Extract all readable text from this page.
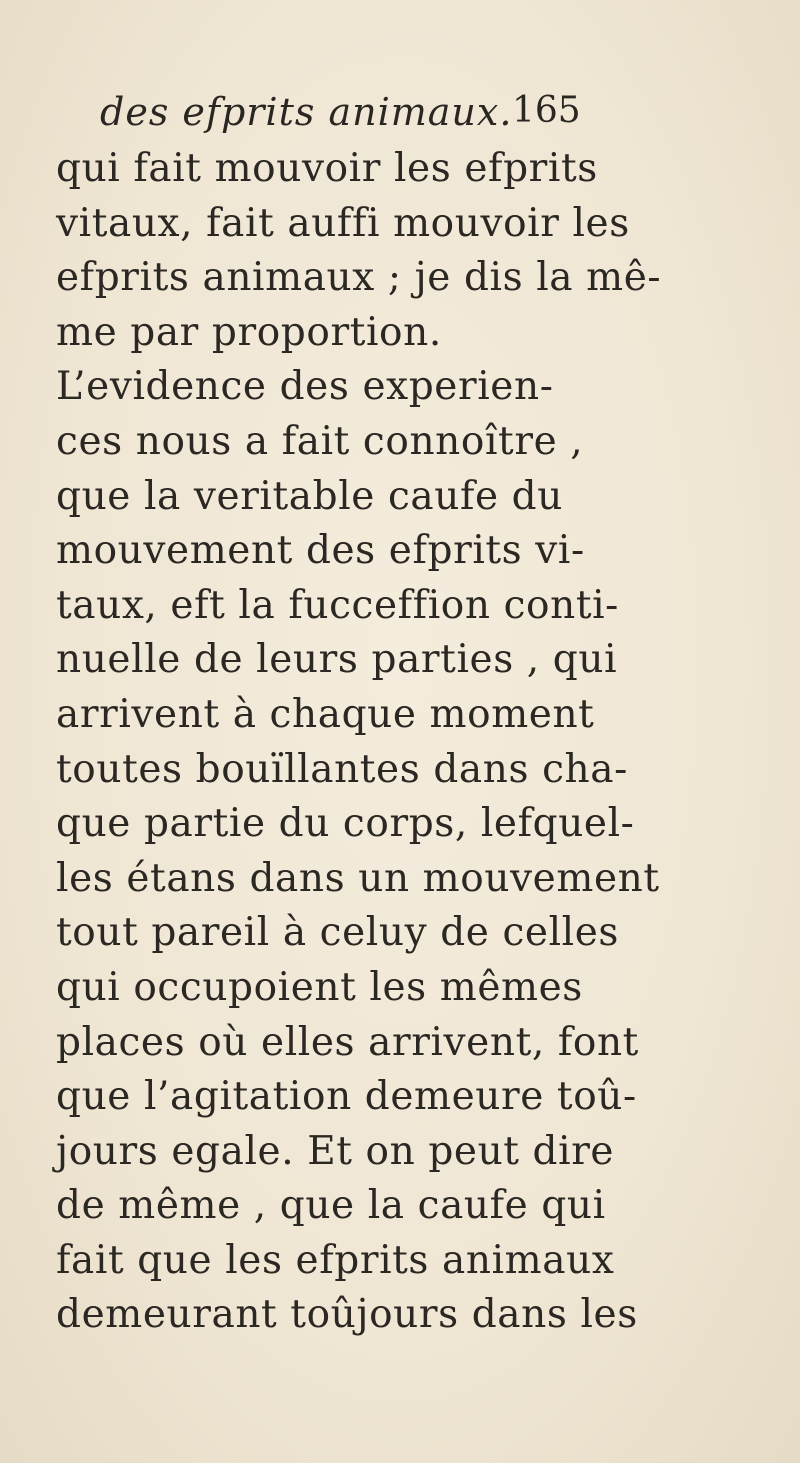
des efprits animaux. 165
qui fait mouvoir les efprits
vitaux, fait auffi mouvoir les
efprits animaux ; je dis la mê-
me par proportion.
L’evidence des experien-
ces nous a fait connoître ,
que la veritable caufe du
mouvement des efprits vi-
taux, eft la fucceffion conti-
nuelle de leurs parties , qui
arrivent à chaque moment
toutes bouïllantes dans cha-
que partie du corps, lefquel-
les étans dans un mouvement
tout pareil à celuy de celles
qui occupoient les mêmes
places où elles arrivent, font
que l’agitation demeure toû-
jours egale. Et on peut dire
de même , que la caufe qui
fait que les efprits animaux
demeurant toûjours dans les
